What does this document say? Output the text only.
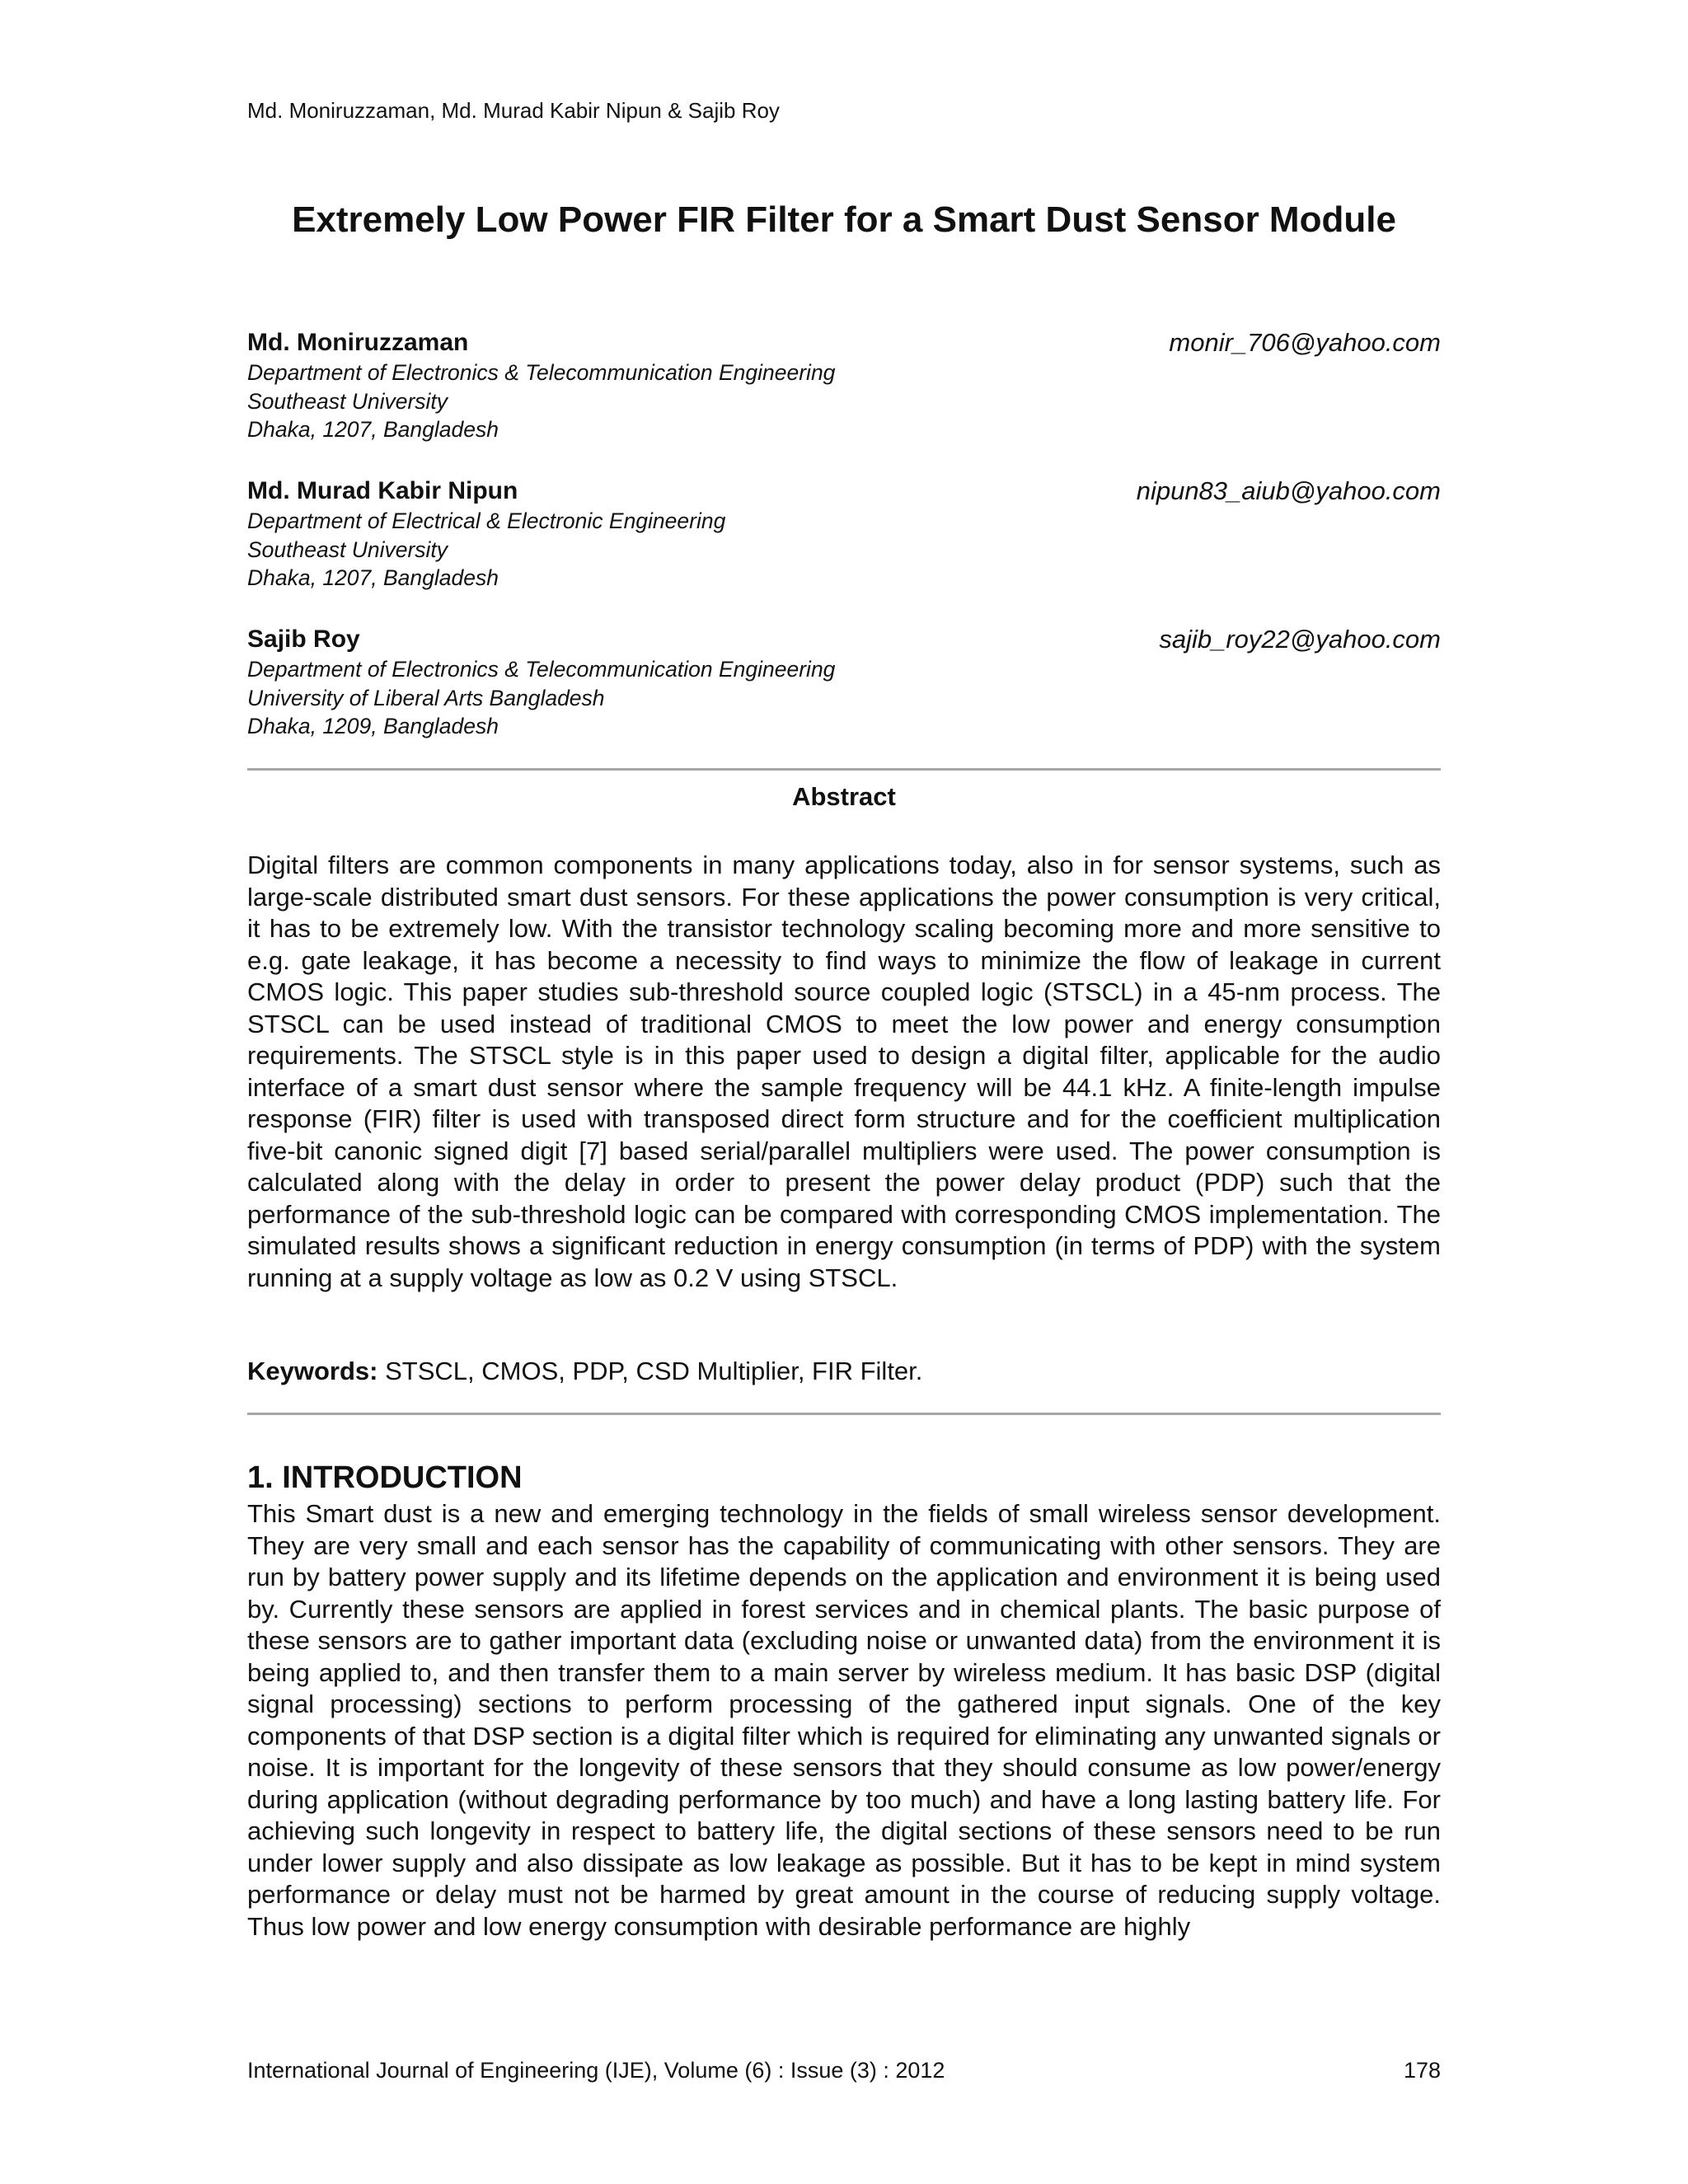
Md. Moniruzzaman, Md. Murad Kabir Nipun & Sajib Roy
Extremely Low Power FIR Filter for a Smart Dust Sensor Module
Md. Moniruzzaman	monir_706@yahoo.com
Department of Electronics & Telecommunication Engineering
Southeast University
Dhaka, 1207, Bangladesh
Md. Murad Kabir Nipun	nipun83_aiub@yahoo.com
Department of Electrical & Electronic Engineering
Southeast University
Dhaka, 1207, Bangladesh
Sajib Roy	sajib_roy22@yahoo.com
Department of Electronics & Telecommunication Engineering
University of Liberal Arts Bangladesh
Dhaka, 1209, Bangladesh
Abstract

Digital filters are common components in many applications today, also in for sensor systems, such as large-scale distributed smart dust sensors. For these applications the power consumption is very critical, it has to be extremely low. With the transistor technology scaling becoming more and more sensitive to e.g. gate leakage, it has become a necessity to find ways to minimize the flow of leakage in current CMOS logic. This paper studies sub-threshold source coupled logic (STSCL) in a 45-nm process. The STSCL can be used instead of traditional CMOS to meet the low power and energy consumption requirements. The STSCL style is in this paper used to design a digital filter, applicable for the audio interface of a smart dust sensor where the sample frequency will be 44.1 kHz. A finite-length impulse response (FIR) filter is used with transposed direct form structure and for the coefficient multiplication five-bit canonic signed digit [7] based serial/parallel multipliers were used. The power consumption is calculated along with the delay in order to present the power delay product (PDP) such that the performance of the sub-threshold logic can be compared with corresponding CMOS implementation. The simulated results shows a significant reduction in energy consumption (in terms of PDP) with the system running at a supply voltage as low as 0.2 V using STSCL.

Keywords: STSCL, CMOS, PDP, CSD Multiplier, FIR Filter.
1. INTRODUCTION

This Smart dust is a new and emerging technology in the fields of small wireless sensor development. They are very small and each sensor has the capability of communicating with other sensors. They are run by battery power supply and its lifetime depends on the application and environment it is being used by. Currently these sensors are applied in forest services and in chemical plants. The basic purpose of these sensors are to gather important data (excluding noise or unwanted data) from the environment it is being applied to, and then transfer them to a main server by wireless medium. It has basic DSP (digital signal processing) sections to perform processing of the gathered input signals. One of the key components of that DSP section is a digital filter which is required for eliminating any unwanted signals or noise. It is important for the longevity of these sensors that they should consume as low power/energy during application (without degrading performance by too much) and have a long lasting battery life. For achieving such longevity in respect to battery life, the digital sections of these sensors need to be run under lower supply and also dissipate as low leakage as possible. But it has to be kept in mind system performance or delay must not be harmed by great amount in the course of reducing supply voltage. Thus low power and low energy consumption with desirable performance are highly

International Journal of Engineering (IJE), Volume (6) : Issue (3) : 2012	178
